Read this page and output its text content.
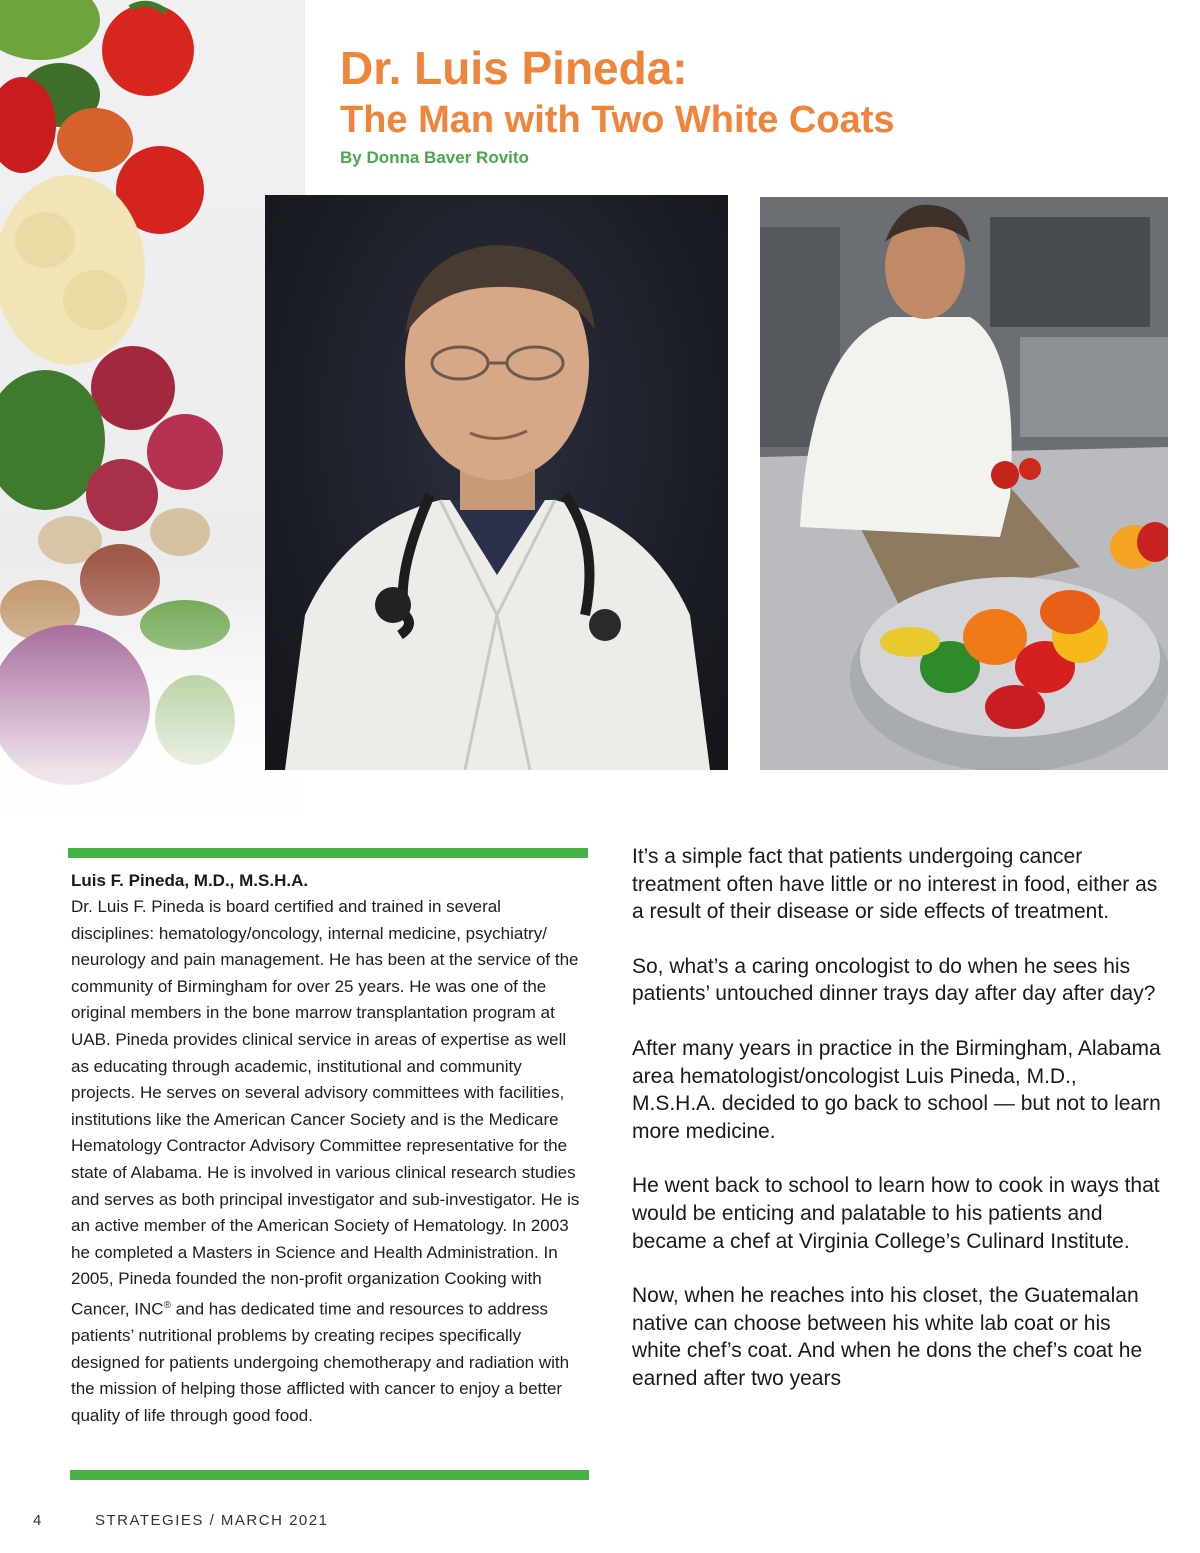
Dr. Luis Pineda:
The Man with Two White Coats

By Donna Baver Rovito

Luis F. Pineda, M.D., M.S.H.A.

Dr. Luis F. Pineda is board certified and trained in several disciplines: hematology/oncology, internal medicine, psychiatry/ neurology and pain management. He has been at the service of the community of Birmingham for over 25 years. He was one of the original members in the bone marrow transplantation program at UAB. Pineda provides clinical service in areas of expertise as well as educating through academic, institutional and community projects. He serves on several advisory committees with facilities, institutions like the American Cancer Society and is the Medicare Hematology Contractor Advisory Committee representative for the state of Alabama. He is involved in various clinical research studies and serves as both principal investigator and sub-investigator. He is an active member of the American Society of Hematology. In 2003 he completed a Masters in Science and Health Administration. In 2005, Pineda founded the non-profit organization Cooking with Cancer, INC® and has dedicated time and resources to address patients’ nutritional problems by creating recipes specifically designed for patients undergoing chemotherapy and radiation with the mission of helping those afflicted with cancer to enjoy a better quality of life through good food.

It’s a simple fact that patients undergoing cancer treatment often have little or no interest in food, either as a result of their disease or side effects of treatment.

So, what’s a caring oncologist to do when he sees his patients’ untouched dinner trays day after day after day?

After many years in practice in the Birmingham, Alabama area hematologist/oncologist Luis Pineda, M.D., M.S.H.A. decided to go back to school — but not to learn more medicine.

He went back to school to learn how to cook in ways that would be enticing and palatable to his patients and became a chef at Virginia College’s Culinard Institute.

Now, when he reaches into his closet, the Guatemalan native can choose between his white lab coat or his white chef’s coat. And when he dons the chef’s coat he earned after two years

4	STRATEGIES / MARCH 2021
